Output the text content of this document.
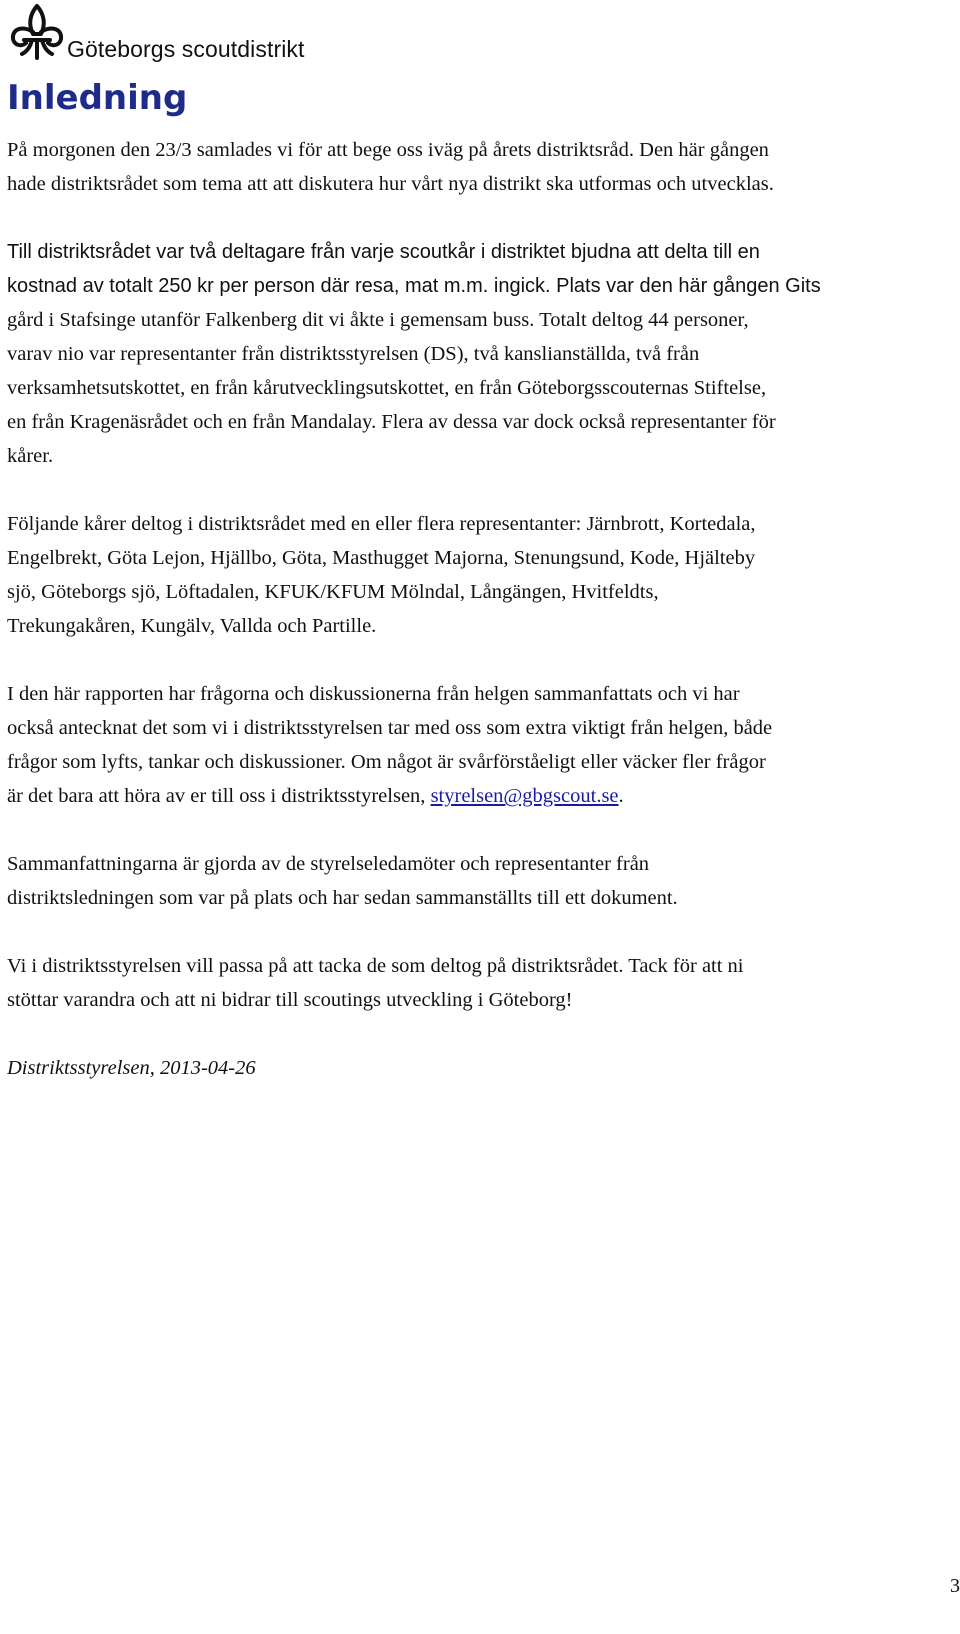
Göteborgs scoutdistrikt
Inledning

På morgonen den 23/3 samlades vi för att bege oss iväg på årets distriktsråd. Den här gången
hade distriktsrådet som tema att att diskutera hur vårt nya distrikt ska utformas och utvecklas.

Till distriktsrådet var två deltagare från varje scoutkår i distriktet bjudna att delta till en
kostnad av totalt 250 kr per person där resa, mat m.m. ingick. Plats var den här gången Gits
gård i Stafsinge utanför Falkenberg dit vi åkte i gemensam buss. Totalt deltog 44 personer,
varav nio var representanter från distriktsstyrelsen (DS), två kanslianställda, två från
verksamhetsutskottet, en från kårutvecklingsutskottet, en från Göteborgsscouternas Stiftelse,
en från Kragenäsrådet och en från Mandalay. Flera av dessa var dock också representanter för
kårer.

Följande kårer deltog i distriktsrådet med en eller flera representanter: Järnbrott, Kortedala,
Engelbrekt, Göta Lejon, Hjällbo, Göta, Masthugget Majorna, Stenungsund, Kode, Hjälteby
sjö, Göteborgs sjö, Löftadalen, KFUK/KFUM Mölndal, Långängen, Hvitfeldts,
Trekungakåren, Kungälv, Vallda och Partille.

I den här rapporten har frågorna och diskussionerna från helgen sammanfattats och vi har
också antecknat det som vi i distriktsstyrelsen tar med oss som extra viktigt från helgen, både
frågor som lyfts, tankar och diskussioner. Om något är svårförståeligt eller väcker fler frågor
är det bara att höra av er till oss i distriktsstyrelsen, styrelsen@gbgscout.se.

Sammanfattningarna är gjorda av de styrelseledamöter och representanter från
distriktsledningen som var på plats och har sedan sammanställts till ett dokument.

Vi i distriktsstyrelsen vill passa på att tacka de som deltog på distriktsrådet. Tack för att ni
stöttar varandra och att ni bidrar till scoutings utveckling i Göteborg!

Distriktsstyrelsen, 2013-04-26

3
